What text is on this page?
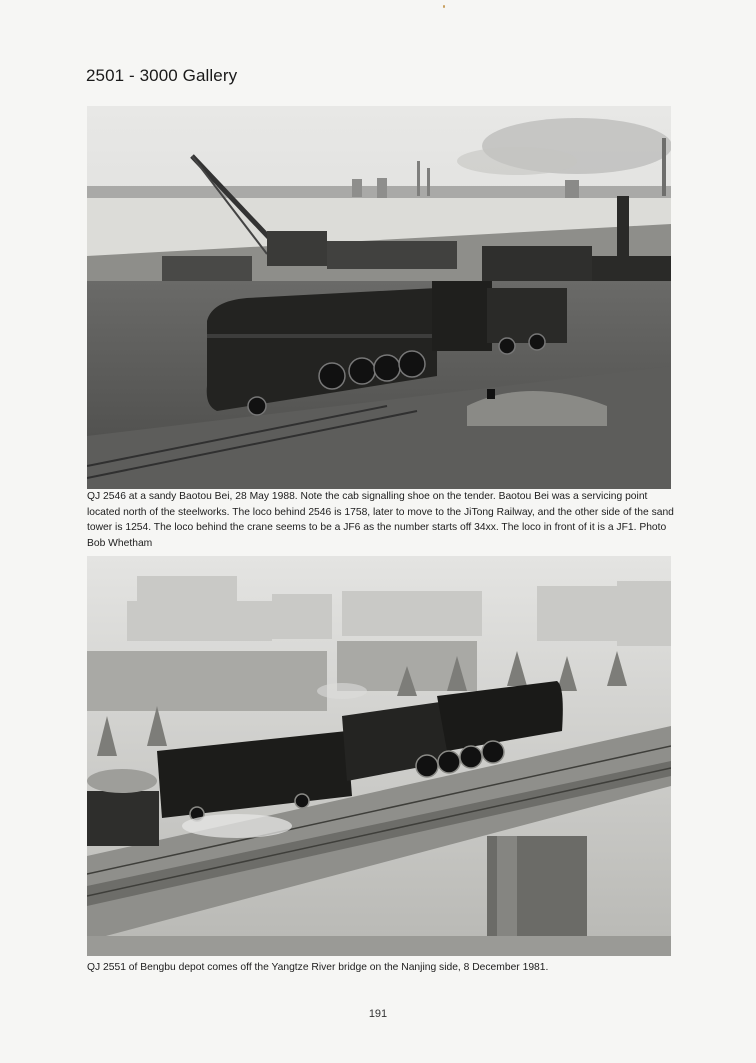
2501 - 3000 Gallery
QJ 2546 at a sandy Baotou Bei, 28 May 1988. Note the cab signalling shoe on the tender. Baotou Bei was a servicing point located north of the steelworks. The loco behind 2546 is 1758, later to move to the JiTong Railway, and the other side of the sand tower is 1254. The loco behind the crane seems to be a JF6 as the number starts off 34xx. The loco in front of it is a JF1. Photo Bob Whetham
QJ 2551 of Bengbu depot comes off the Yangtze River bridge on the Nanjing side, 8 December 1981.
191
